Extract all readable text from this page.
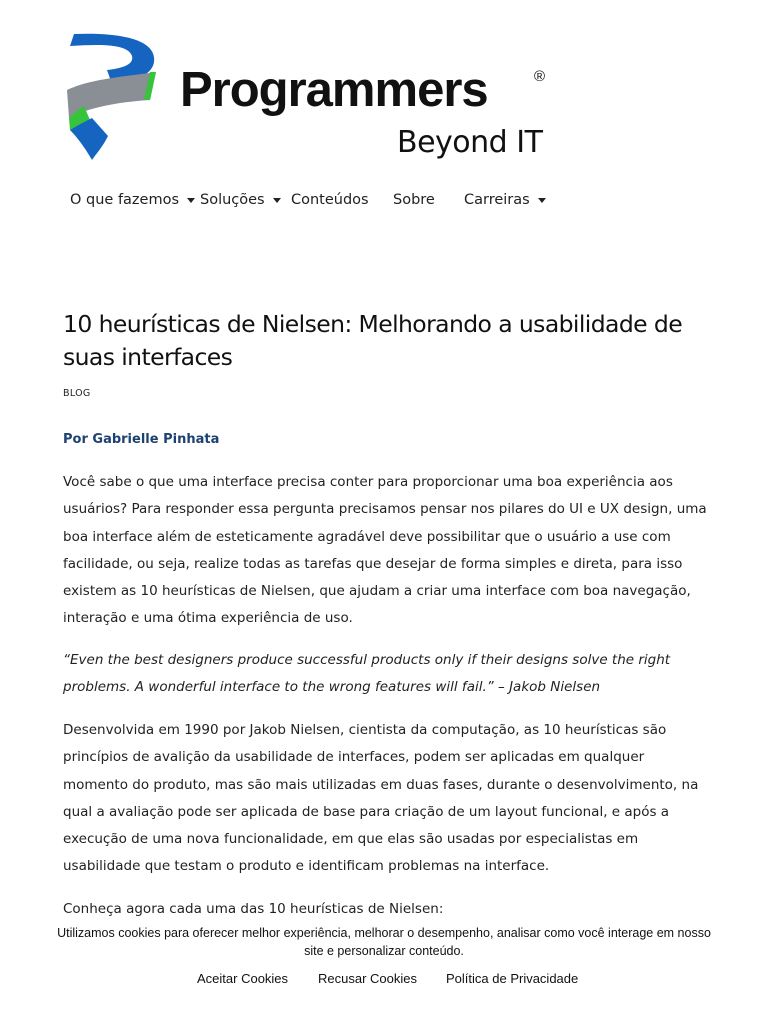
Programmers	®
Beyond IT
O que fazemos Soluções Conteúdos Sobre Carreiras
10 heurísticas de Nielsen: Melhorando a usabilidade de suas interfaces
BLOG
Por Gabrielle Pinhata

Você sabe o que uma interface precisa conter para proporcionar uma boa experiência aos usuários? Para responder essa pergunta precisamos pensar nos pilares do UI e UX design, uma boa interface além de esteticamente agradável deve possibilitar que o usuário a use com facilidade, ou seja, realize todas as tarefas que desejar de forma simples e direta, para isso existem as 10 heurísticas de Nielsen, que ajudam a criar uma interface com boa navegação, interação e uma ótima experiência de uso.

“Even the best designers produce successful products only if their designs solve the right problems. A wonderful interface to the wrong features will fail.” – Jakob Nielsen

Desenvolvida em 1990 por Jakob Nielsen, cientista da computação, as 10 heurísticas são princípios de avalição da usabilidade de interfaces, podem ser aplicadas em qualquer momento do produto, mas são mais utilizadas em duas fases, durante o desenvolvimento, na qual a avaliação pode ser aplicada de base para criação de um layout funcional, e após a execução de uma nova funcionalidade, em que elas são usadas por especialistas em usabilidade que testam o produto e identificam problemas na interface.

Conheça agora cada uma das 10 heurísticas de Nielsen:

Utilizamos cookies para oferecer melhor experiência, melhorar o desempenho, analisar como você interage em nosso site e personalizar conteúdo.

Aceitar Cookies Recusar Cookies Política de Privacidade
